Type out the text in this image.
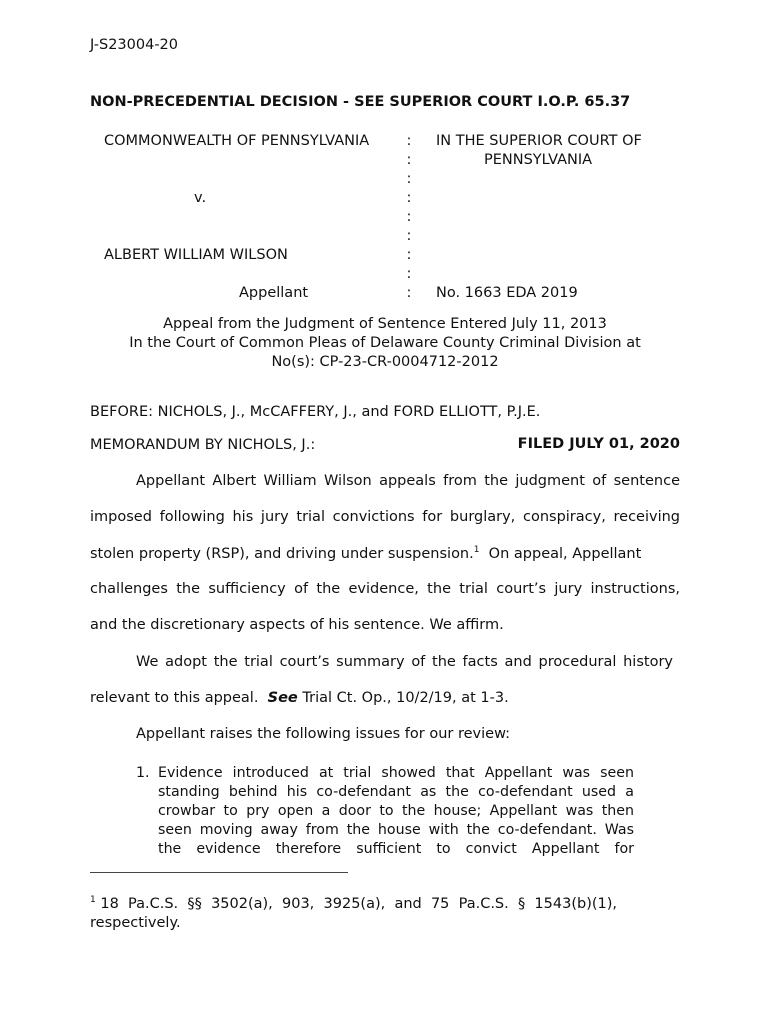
J-S23004-20
NON-PRECEDENTIAL DECISION - SEE SUPERIOR COURT I.O.P. 65.37
COMMONWEALTH OF PENNSYLVANIA
v.
ALBERT WILLIAM WILSON
Appellant
:
:
:
:
:
:
:
:
:
IN THE SUPERIOR COURT OF
PENNSYLVANIA
No. 1663 EDA 2019
Appeal from the Judgment of Sentence Entered July 11, 2013
In the Court of Common Pleas of Delaware County Criminal Division at
No(s): CP-23-CR-0004712-2012
BEFORE: NICHOLS, J., McCAFFERY, J., and FORD ELLIOTT, P.J.E.
MEMORANDUM BY NICHOLS, J.:	FILED JULY 01, 2020
Appellant Albert William Wilson appeals from the judgment of sentence
imposed following his jury trial convictions for burglary, conspiracy, receiving
stolen property (RSP), and driving under suspension.$^1$  On appeal, Appellant
challenges the sufficiency of the evidence, the trial court’s jury instructions,
and the discretionary aspects of his sentence. We affirm.
We adopt the trial court’s summary of the facts and procedural history
relevant to this appeal.  See Trial Ct. Op., 10/2/19, at 1-3.
Appellant raises the following issues for our review:
1. Evidence introduced at trial showed that Appellant was seen
standing behind his co-defendant as the co-defendant used a
crowbar to pry open a door to the house; Appellant was then
seen moving away from the house with the co-defendant. Was
the evidence therefore sufficient to convict Appellant for
$^1$ 18  Pa.C.S.  §§  3502(a),  903,  3925(a),  and  75  Pa.C.S.  §  1543(b)(1),
respectively.
